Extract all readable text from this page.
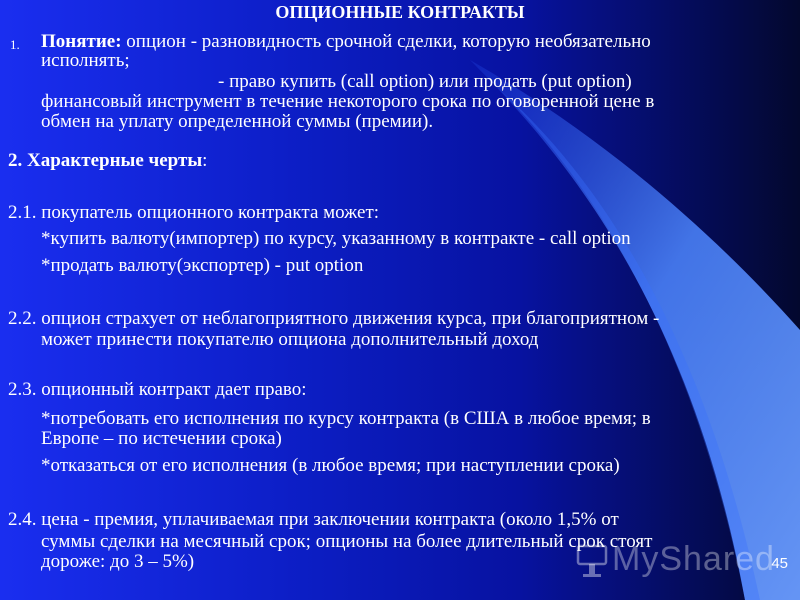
ОПЦИОННЫЕ КОНТРАКТЫ

1. Понятие: опцион - разновидность срочной сделки, которую необязательно

исполнять;

- право купить (call option) или продать (put option)

финансовый инструмент в течение некоторого срока по оговоренной цене в

обмен на уплату определенной суммы (премии).

2. Характерные черты:

2.1. покупатель опционного контракта может:

*купить валюту(импортер) по курсу, указанному в контракте - call option

*продать валюту(экспортер) - put option

2.2. опцион страхует от неблагоприятного движения курса, при благоприятном -

может принести покупателю опциона дополнительный доход

2.3. опционный контракт дает право:

*потребовать его исполнения по курсу контракта (в США в любое время; в

Европе – по истечении срока)

*отказаться от его исполнения (в любое время; при наступлении срока)

2.4. цена - премия, уплачиваемая при заключении контракта (около 1,5% от

суммы сделки на месячный срок; опционы на более длительный срок стоят

дороже: до 3 – 5%)	MyShared
45
